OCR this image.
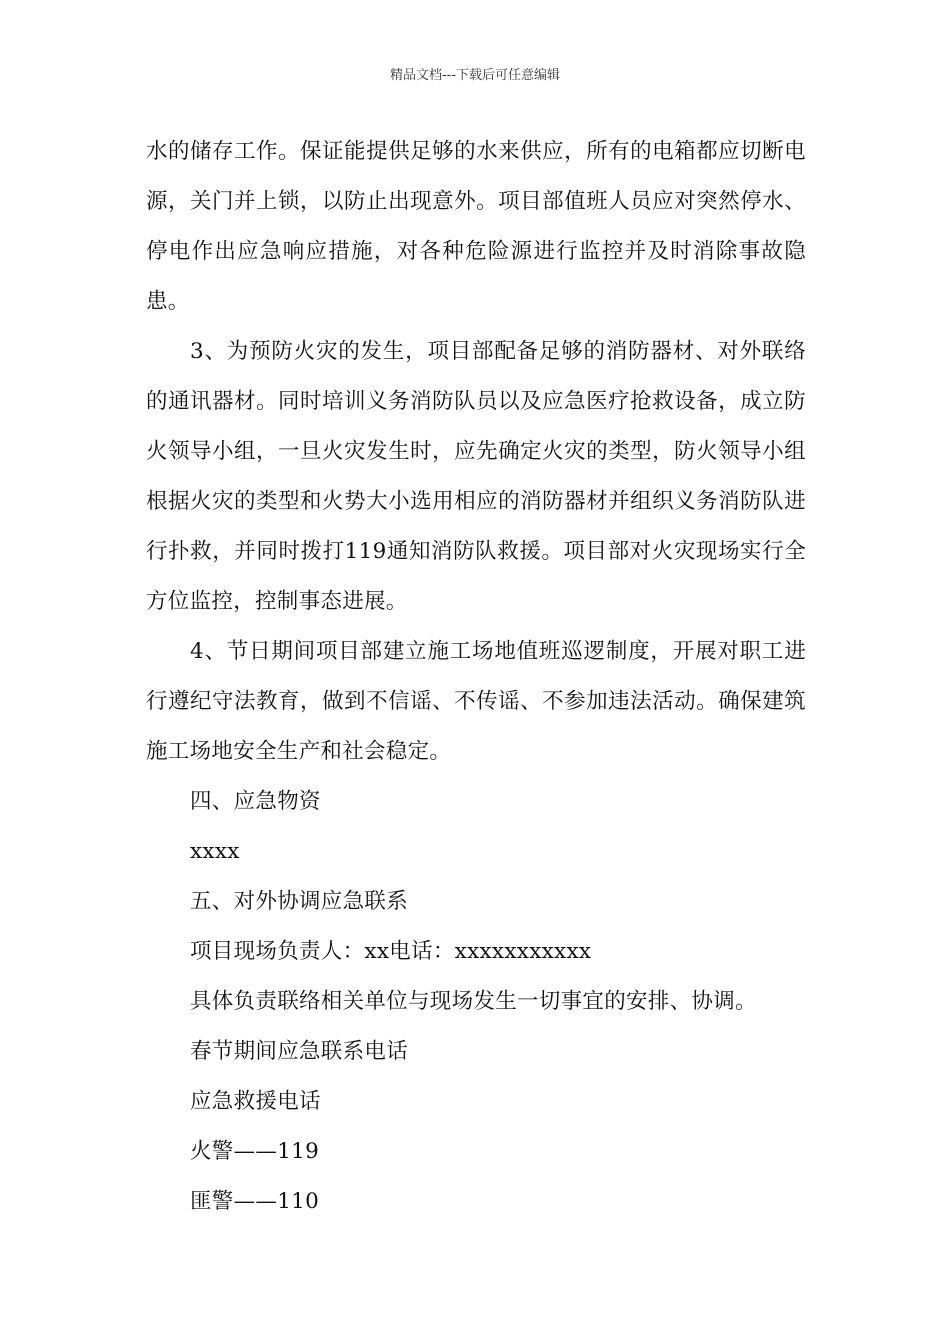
精品文档---下载后可任意编辑

水的储存工作。保证能提供足够的水来供应，所有的电箱都应切断电源，关门并上锁，以防止出现意外。项目部值班人员应对突然停水、停电作出应急响应措施，对各种危险源进行监控并及时消除事故隐患。

3、为预防火灾的发生，项目部配备足够的消防器材、对外联络的通讯器材。同时培训义务消防队员以及应急医疗抢救设备，成立防火领导小组，一旦火灾发生时，应先确定火灾的类型，防火领导小组根据火灾的类型和火势大小选用相应的消防器材并组织义务消防队进行扑救，并同时拨打119通知消防队救援。项目部对火灾现场实行全方位监控，控制事态进展。

4、节日期间项目部建立施工场地值班巡逻制度，开展对职工进行遵纪守法教育，做到不信谣、不传谣、不参加违法活动。确保建筑施工场地安全生产和社会稳定。

四、应急物资

xxxx

五、对外协调应急联系

项目现场负责人：xx电话：xxxxxxxxxxx

具体负责联络相关单位与现场发生一切事宜的安排、协调。

春节期间应急联系电话

应急救援电话

火警——119

匪警——110
